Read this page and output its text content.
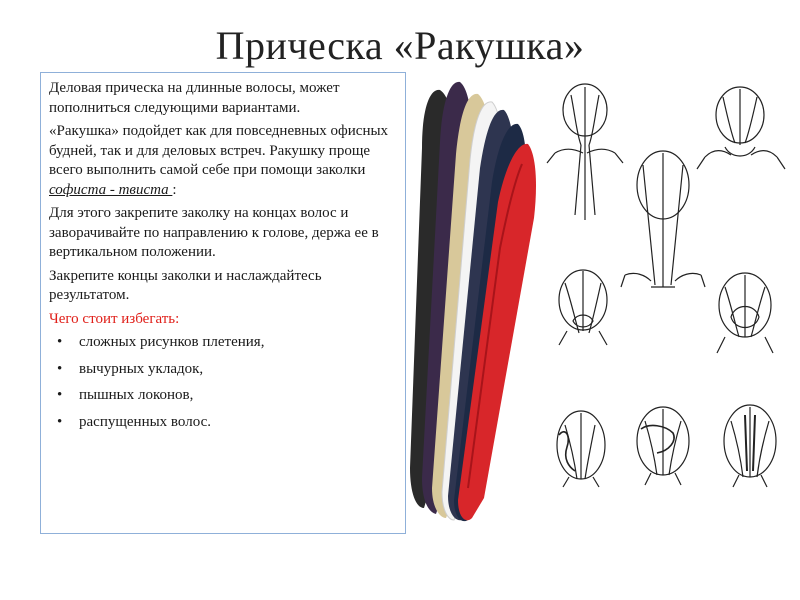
Прическа «Ракушка»

Деловая прическа на длинные волосы, может пополниться следующими вариантами.

«Ракушка» подойдет как для повседневных офисных будней, так и для деловых встреч. Ракушку проще всего выполнить самой себе при помощи заколки софиста - твиста :

Для этого закрепите заколку на концах волос и заворачивайте по направлению к голове, держа ее в вертикальном положении.

Закрепите концы заколки и наслаждайтесь результатом.

Чего стоит избегать:

• сложных рисунков плетения,
• вычурных укладок,
• пышных локонов,
• распущенных волос.
